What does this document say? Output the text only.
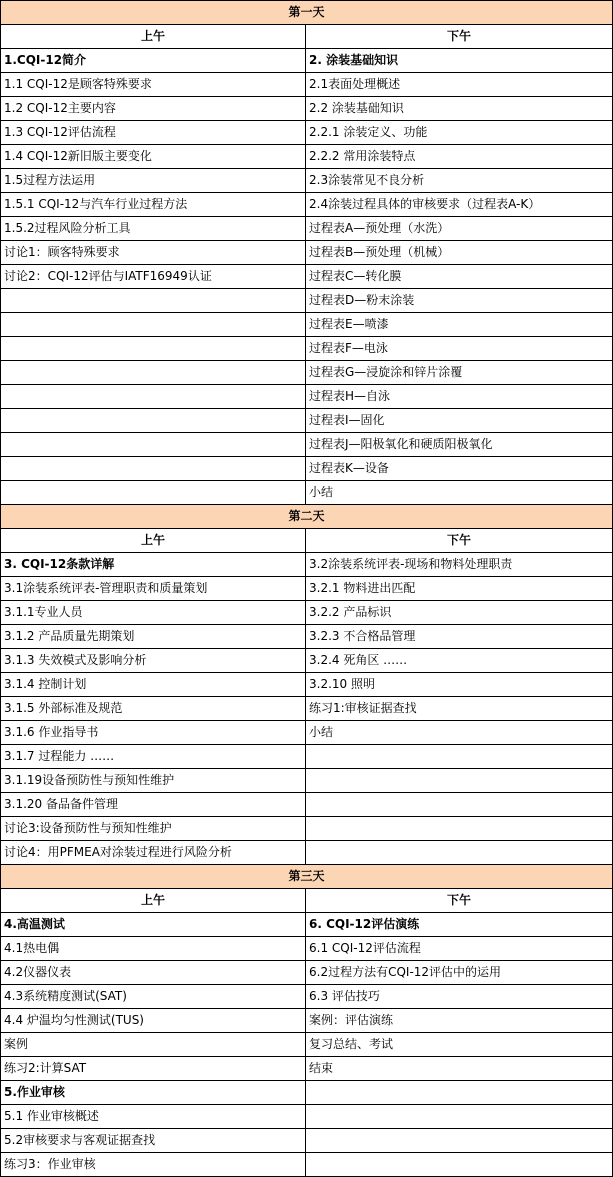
第一天	
上午	下午
1.CQI-12简介	2. 涂装基础知识
1.1 CQI-12是顾客特殊要求	2.1表面处理概述
1.2 CQI-12主要内容	2.2 涂装基础知识
1.3 CQI-12评估流程	2.2.1 涂装定义、功能
1.4 CQI-12新旧版主要变化	2.2.2 常用涂装特点
1.5过程方法运用	2.3涂装常见不良分析
1.5.1 CQI-12与汽车行业过程方法	2.4涂装过程具体的审核要求（过程表A-K）
1.5.2过程风险分析工具	过程表A—预处理（水洗）
讨论1：顾客特殊要求	过程表B—预处理（机械）
讨论2：CQI-12评估与IATF16949认证	过程表C—转化膜
	过程表D—粉末涂装
	过程表E—喷漆
	过程表F—电泳
	过程表G—浸旋涂和锌片涂覆
	过程表H—自泳
	过程表I—固化
	过程表J—阳极氧化和硬质阳极氧化
	过程表K—设备
	小结
第二天	
上午	下午
3. CQI-12条款详解	3.2涂装系统评表-现场和物料处理职责
3.1涂装系统评表-管理职责和质量策划	3.2.1 物料进出匹配
3.1.1专业人员	3.2.2 产品标识
3.1.2 产品质量先期策划	3.2.3 不合格品管理
3.1.3 失效模式及影响分析	3.2.4 死角区 ……
3.1.4 控制计划	3.2.10 照明
3.1.5 外部标准及规范	练习1:审核证据查找
3.1.6 作业指导书	小结
3.1.7 过程能力 ……	
3.1.19设备预防性与预知性维护	
3.1.20 备品备件管理	
讨论3:设备预防性与预知性维护	
讨论4：用PFMEA对涂装过程进行风险分析	
第三天	
上午	下午
4.高温测试	6. CQI-12评估演练
4.1热电偶	6.1 CQI-12评估流程
4.2仪器仪表	6.2过程方法有CQI-12评估中的运用
4.3系统精度测试(SAT)	6.3 评估技巧
4.4 炉温均匀性测试(TUS)	案例：评估演练
案例	复习总结、考试
练习2:计算SAT	结束
5.作业审核	
5.1 作业审核概述	
5.2审核要求与客观证据查找	
练习3：作业审核	
